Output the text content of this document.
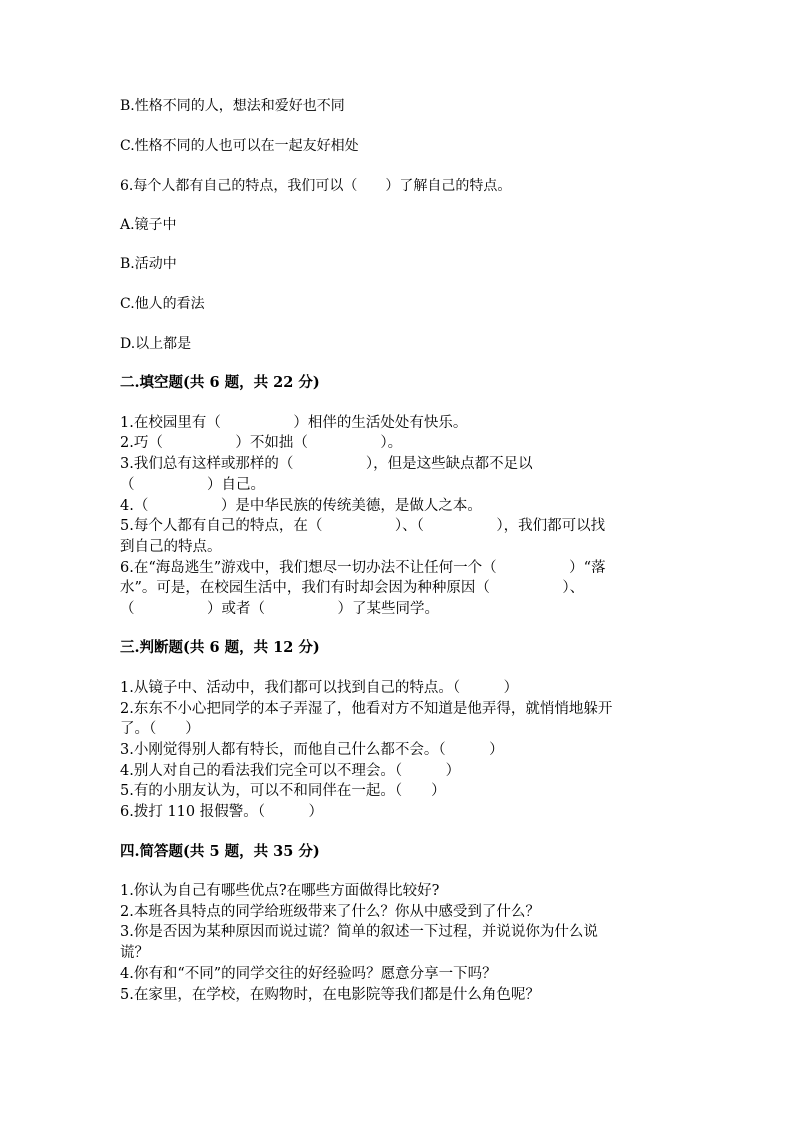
B.性格不同的人，想法和爱好也不同
C.性格不同的人也可以在一起友好相处
6.每个人都有自己的特点，我们可以（　　）了解自己的特点。
A.镜子中
B.活动中
C.他人的看法
D.以上都是
二.填空题(共 6 题，共 22 分)
1.在校园里有（　　　　　）相伴的生活处处有快乐。
2.巧（　　　　　）不如拙（　　　　　）。
3.我们总有这样或那样的（　　　　　），但是这些缺点都不足以
（　　　　　）自己。
4.（　　　　　）是中华民族的传统美德，是做人之本。
5.每个人都有自己的特点，在（　　　　　）、（　　　　　），我们都可以找
到自己的特点。
6.在“海岛逃生”游戏中，我们想尽一切办法不让任何一个（　　　　　）“落
水”。可是，在校园生活中，我们有时却会因为种种原因（　　　　　）、
（　　　　　）或者（　　　　　）了某些同学。
三.判断题(共 6 题，共 12 分)
1.从镜子中、活动中，我们都可以找到自己的特点。（　　　）
2.东东不小心把同学的本子弄湿了，他看对方不知道是他弄得，就悄悄地躲开
了。（　　）
3.小刚觉得别人都有特长，而他自己什么都不会。（　　　）
4.别人对自己的看法我们完全可以不理会。（　　　）
5.有的小朋友认为，可以不和同伴在一起。（　　）
6.拨打 110 报假警。（　　　）
四.简答题(共 5 题，共 35 分)
1.你认为自己有哪些优点?在哪些方面做得比较好?
2.本班各具特点的同学给班级带来了什么？你从中感受到了什么？
3.你是否因为某种原因而说过谎？简单的叙述一下过程，并说说你为什么说
谎？
4.你有和“不同”的同学交往的好经验吗？愿意分享一下吗？
5.在家里，在学校，在购物时，在电影院等我们都是什么角色呢？
